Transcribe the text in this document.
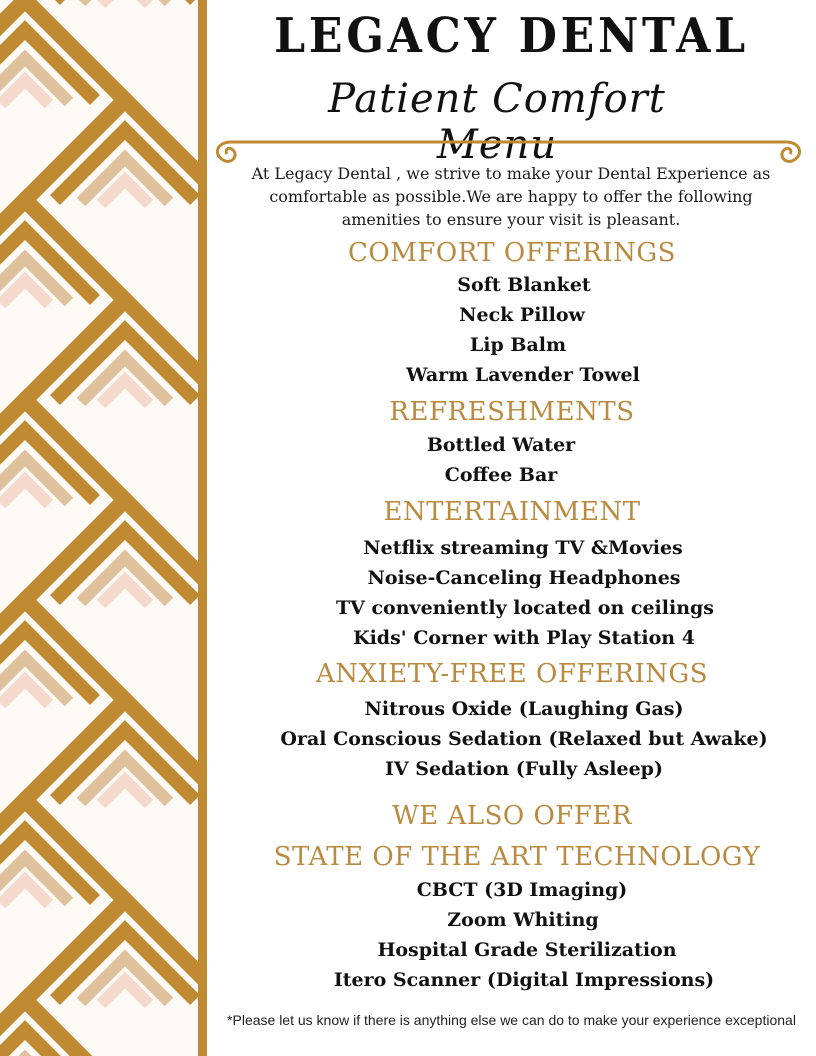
LEGACY DENTAL
Patient Comfort Menu
At Legacy Dental , we strive to make your Dental Experience as comfortable as possible.We are happy to offer the following amenities to ensure your visit is pleasant.
COMFORT OFFERINGS
Soft Blanket
Neck Pillow
Lip Balm
Warm Lavender Towel
REFRESHMENTS
Bottled Water
Coffee Bar
ENTERTAINMENT
Netflix streaming TV &Movies
Noise-Canceling Headphones
TV conveniently located on ceilings
Kids' Corner with Play Station 4
ANXIETY-FREE OFFERINGS
Nitrous Oxide (Laughing Gas)
Oral Conscious Sedation (Relaxed but Awake)
IV Sedation (Fully Asleep)
WE ALSO OFFER
STATE OF THE ART TECHNOLOGY
CBCT (3D Imaging)
Zoom Whiting
Hospital Grade Sterilization
Itero Scanner (Digital Impressions)
*Please let us know if there is anything else we can do to make your experience exceptional
